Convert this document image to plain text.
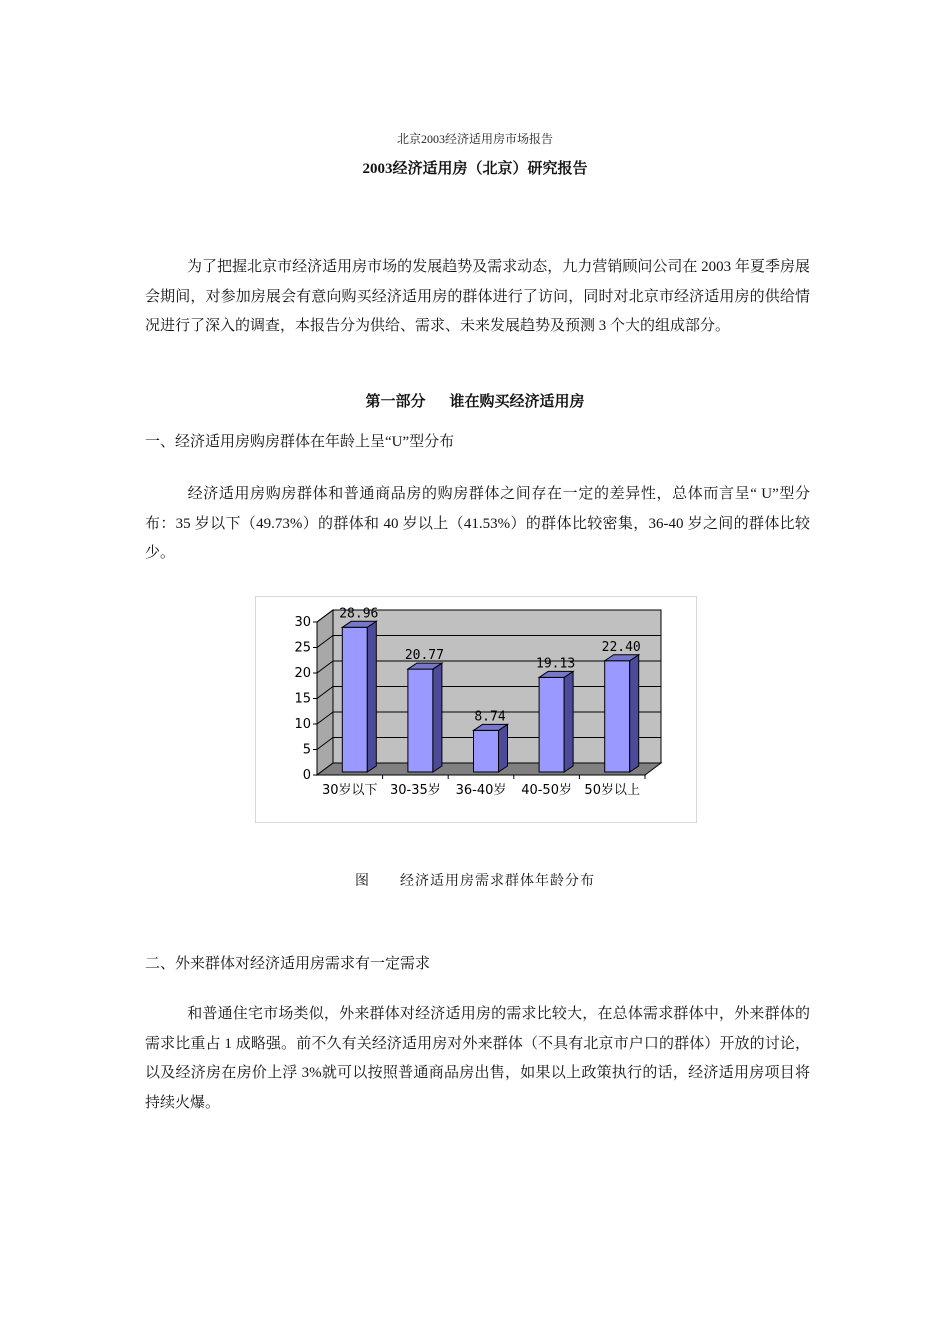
北京2003经济适用房市场报告
2003经济适用房（北京）研究报告

为了把握北京市经济适用房市场的发展趋势及需求动态，九力营销顾问公司在 2003 年夏季房展会期间，对参加房展会有意向购买经济适用房的群体进行了访问，同时对北京市经济适用房的供给情况进行了深入的调查，本报告分为供给、需求、未来发展趋势及预测 3 个大的组成部分。

第一部分 谁在购买经济适用房
一、经济适用房购房群体在年龄上呈“U”型分布

经济适用房购房群体和普通商品房的购房群体之间存在一定的差异性，总体而言呈“ U”型分布：35 岁以下（49.73%）的群体和 40 岁以上（41.53%）的群体比较密集，36-40 岁之间的群体比较少。

0
5
10
15
20
25
30
28.96
30岁以下
20.77
30-35岁
8.74
36-40岁
19.13
40-50岁
22.40
50岁以上
图 经济适用房需求群体年龄分布
二、外来群体对经济适用房需求有一定需求

和普通住宅市场类似，外来群体对经济适用房的需求比较大，在总体需求群体中，外来群体的需求比重占 1 成略强。前不久有关经济适用房对外来群体（不具有北京市户口的群体）开放的讨论，以及经济房在房价上浮 3%就可以按照普通商品房出售，如果以上政策执行的话，经济适用房项目将持续火爆。
